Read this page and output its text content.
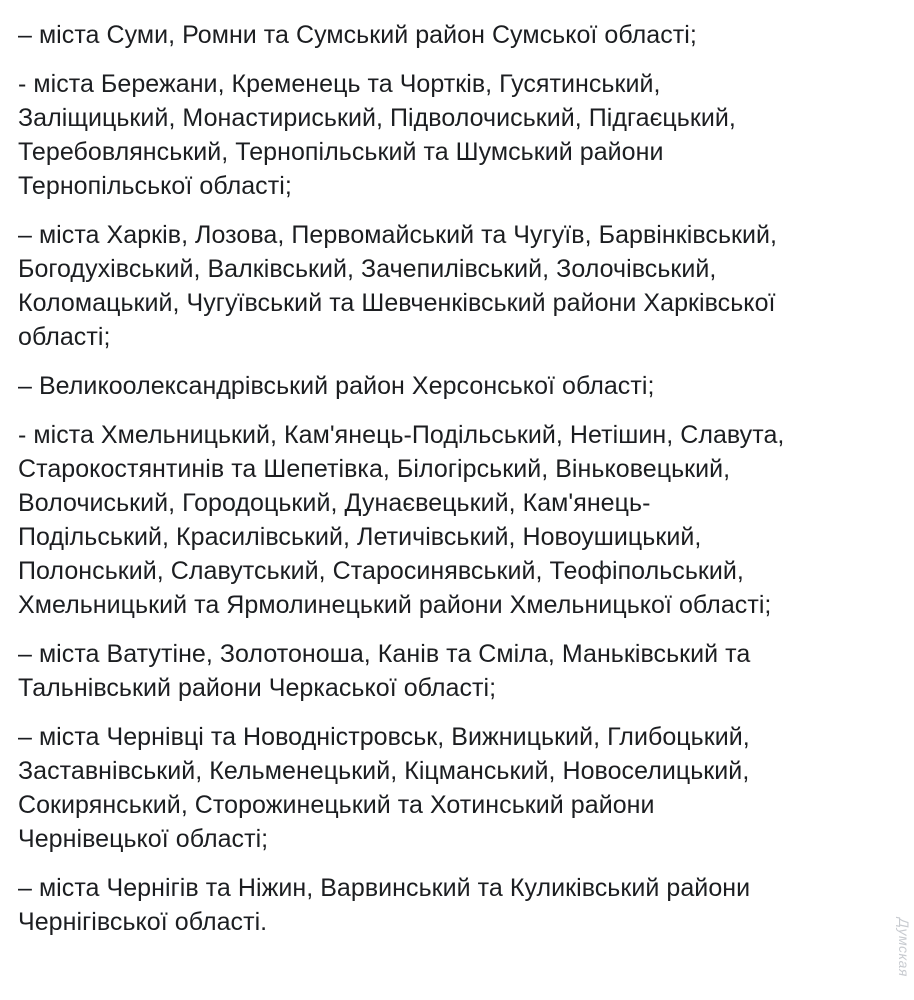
– міста Суми, Ромни та Сумський район Сумської області;

- міста Бережани, Кременець та Чортків, Гусятинський,
Заліщицький, Монастириський, Підволочиський, Підгаєцький,
Теребовлянський, Тернопільський та Шумський райони
Тернопільської області;

– міста Харків, Лозова, Первомайський та Чугуїв, Барвінківський,
Богодухівський, Валківський, Зачепилівський, Золочівський,
Коломацький, Чугуївський та Шевченківський райони Харківської
області;

– Великоолександрівський район Херсонської області;

- міста Хмельницький, Кам'янець-Подільський, Нетішин, Славута,
Старокостянтинів та Шепетівка, Білогірський, Віньковецький,
Волочиський, Городоцький, Дунаєвецький, Кам'янець-
Подільський, Красилівський, Летичівський, Новоушицький,
Полонський, Славутський, Старосинявський, Теофіпольський,
Хмельницький та Ярмолинецький райони Хмельницької області;

– міста Ватутіне, Золотоноша, Канів та Сміла, Маньківський та
Тальнівський райони Черкаської області;

– міста Чернівці та Новодністровськ, Вижницький, Глибоцький,
Заставнівський, Кельменецький, Кіцманський, Новоселицький,
Сокирянський, Сторожинецький та Хотинський райони
Чернівецької області;

– міста Чернігів та Ніжин, Варвинський та Куликівський райони
Чернігівської області.	Думская
